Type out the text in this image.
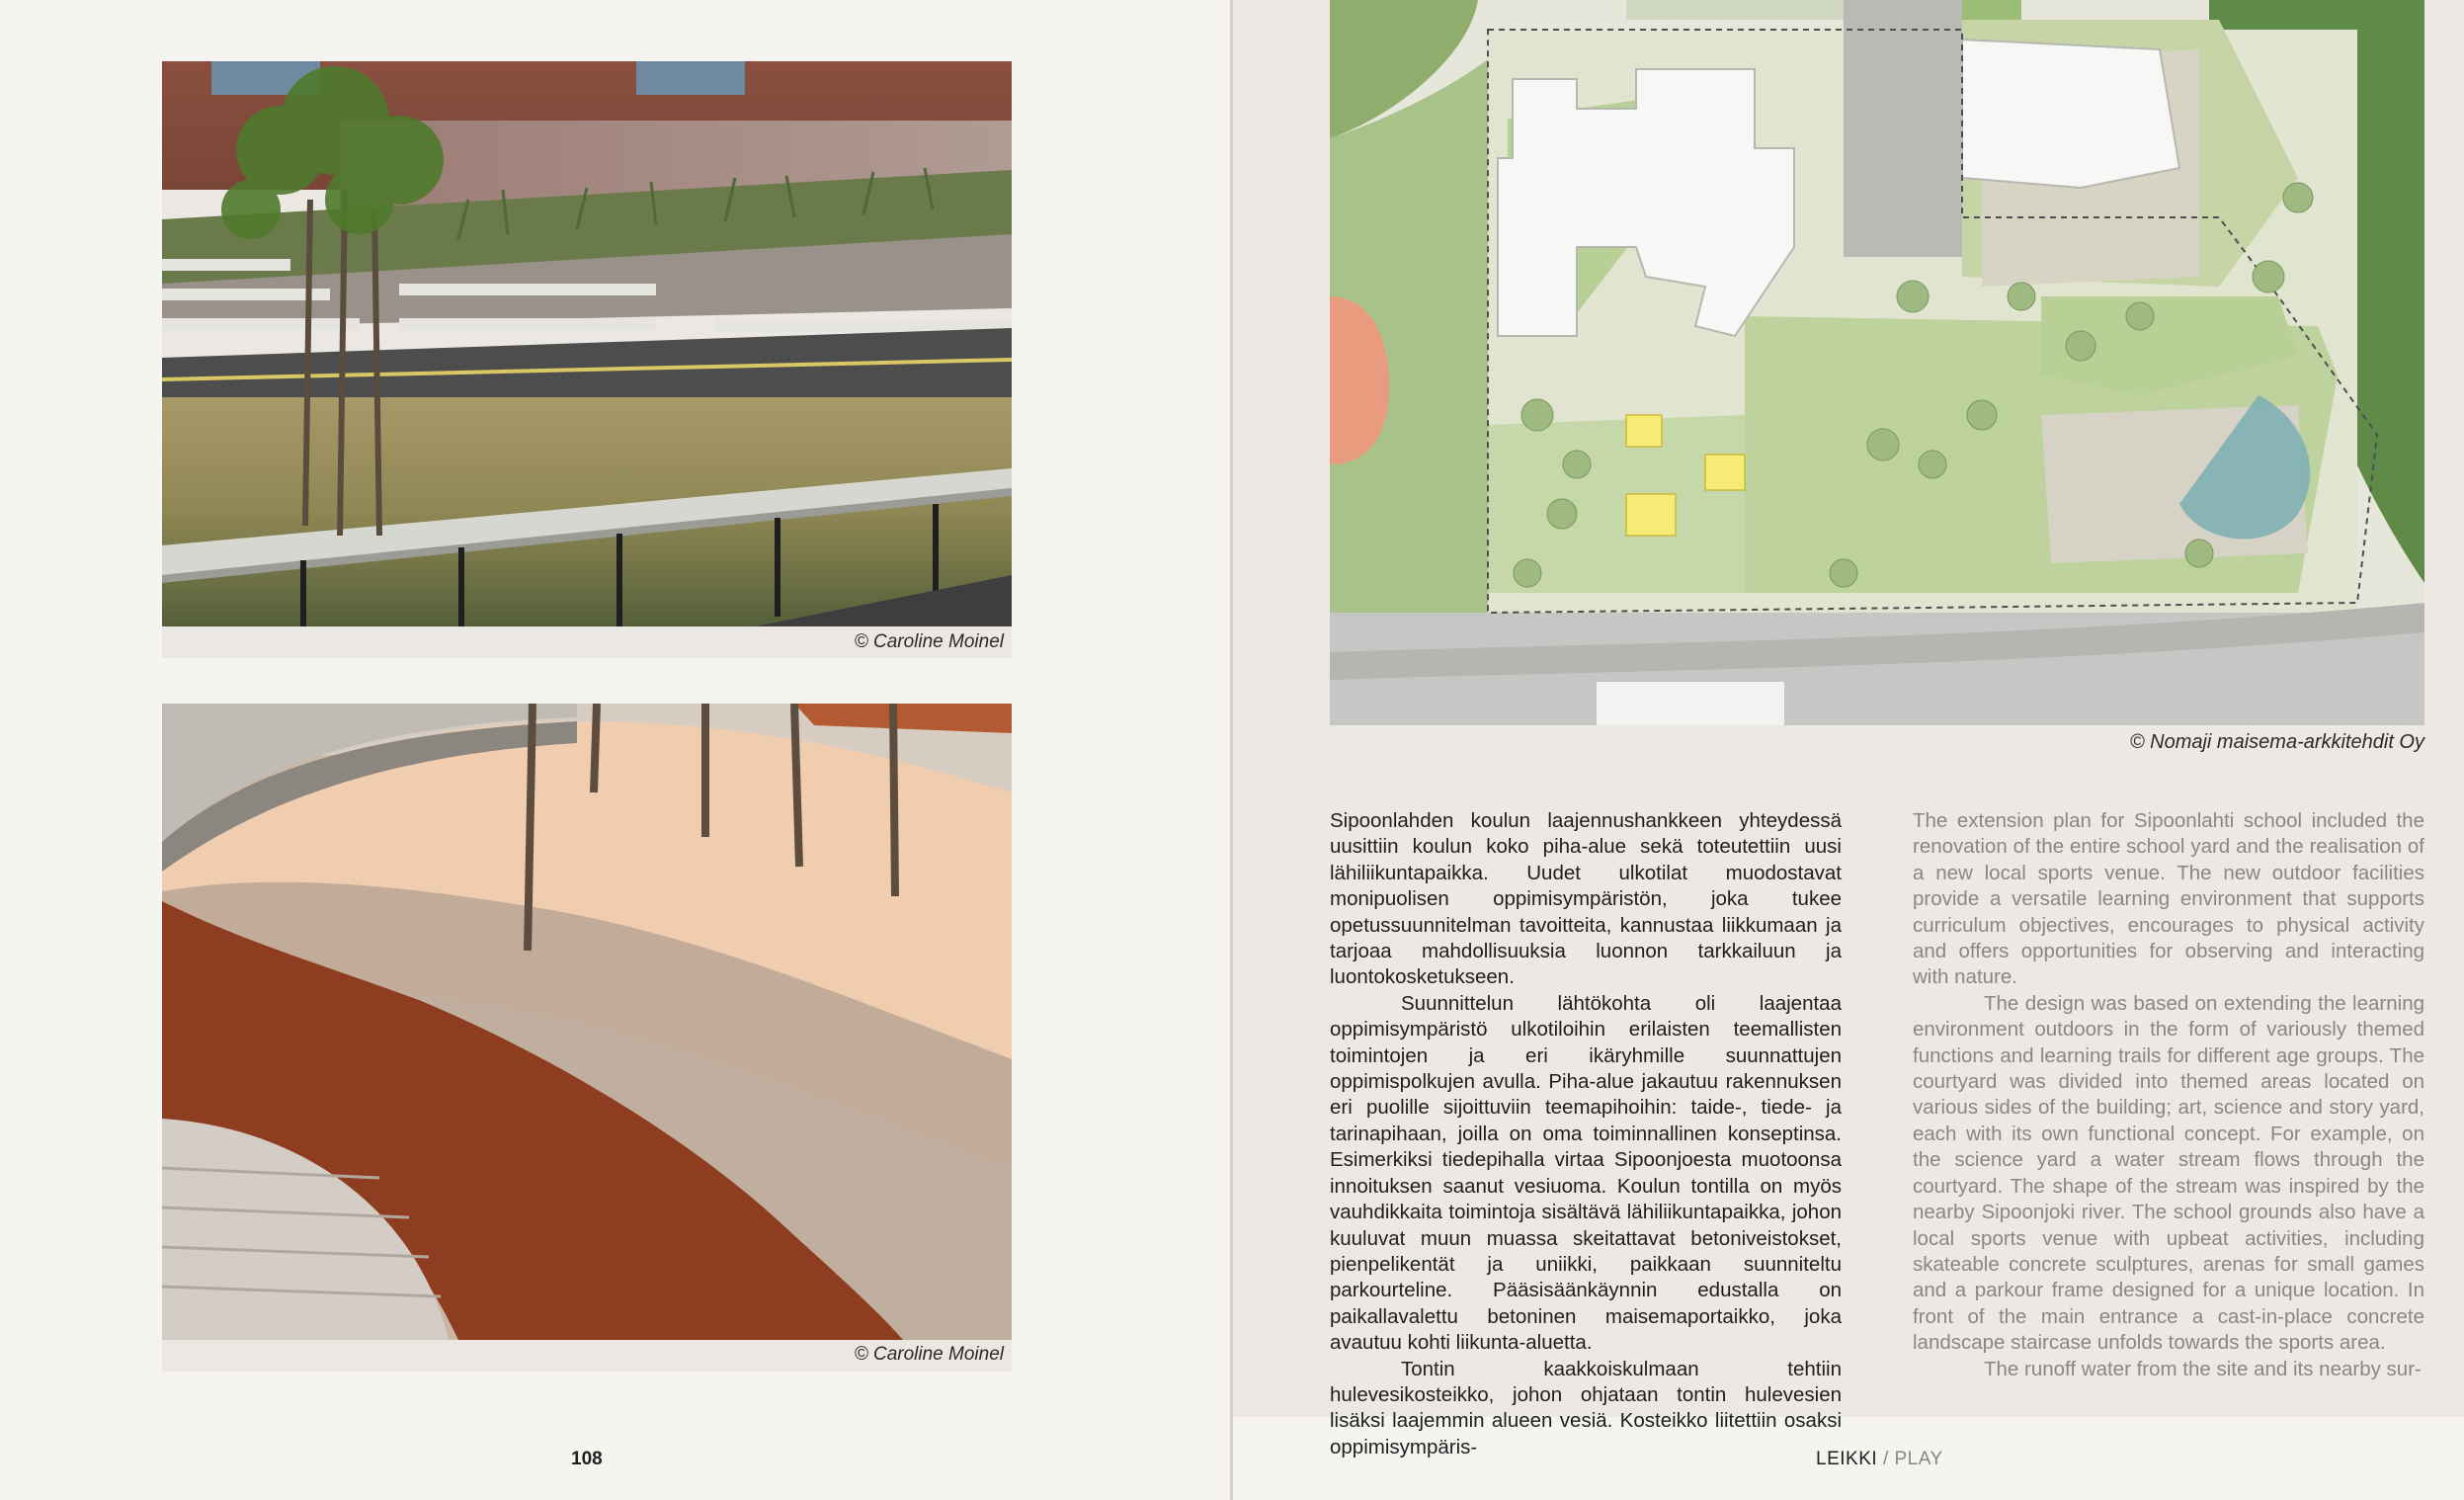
© Caroline Moinel
© Caroline Moinel
108
© Nomaji maisema-arkkitehdit Oy

Sipoonlahden koulun laajennushankkeen yhteydessä uusittiin koulun koko piha-alue sekä toteutettiin uusi lähiliikuntapaikka. Uudet ulkotilat muodostavat monipuolisen oppimisympäristön, joka tukee opetussuunnitelman tavoitteita, kannustaa liikkumaan ja tarjoaa mahdollisuuksia luonnon tarkkailuun ja luontokosketukseen.

Suunnittelun lähtökohta oli laajentaa oppimisympäristö ulkotiloihin erilaisten teemallisten toimintojen ja eri ikäryhmille suunnattujen oppimispolkujen avulla. Piha-alue jakautuu rakennuksen eri puolille sijoittuviin teemapihoihin: taide-, tiede- ja tarinapihaan, joilla on oma toiminnallinen konseptinsa. Esimerkiksi tiedepihalla virtaa Sipoonjoesta muotoonsa innoituksen saanut vesiuoma. Koulun tontilla on myös vauhdikkaita toimintoja sisältävä lähiliikuntapaikka, johon kuuluvat muun muassa skeitattavat betoniveistokset, pienpelikentät ja uniikki, paikkaan suunniteltu parkourteline. Pääsisäänkäynnin edustalla on paikallavalettu betoninen maisemaportaikko, joka avautuu kohti liikunta-aluetta.

Tontin kaakkoiskulmaan tehtiin hulevesikosteikko, johon ohjataan tontin hulevesien lisäksi laajemmin alueen vesiä. Kosteikko liitettiin osaksi oppimisympäris-

The extension plan for Sipoonlahti school included the renovation of the entire school yard and the realisation of a new local sports venue. The new outdoor facilities provide a versatile learning environment that supports curriculum objectives, encourages to physical activity and offers opportunities for observing and interacting with nature.

The design was based on extending the learning environment outdoors in the form of variously themed functions and learning trails for different age groups. The courtyard was divided into themed areas located on various sides of the building; art, science and story yard, each with its own functional concept. For example, on the science yard a water stream flows through the courtyard. The shape of the stream was inspired by the nearby Sipoonjoki river. The school grounds also have a local sports venue with upbeat activities, including skateable concrete sculptures, arenas for small games and a parkour frame designed for a unique location. In front of the main entrance a cast-in-place concrete landscape staircase unfolds towards the sports area.

The runoff water from the site and its nearby sur-

LEIKKI / PLAY
